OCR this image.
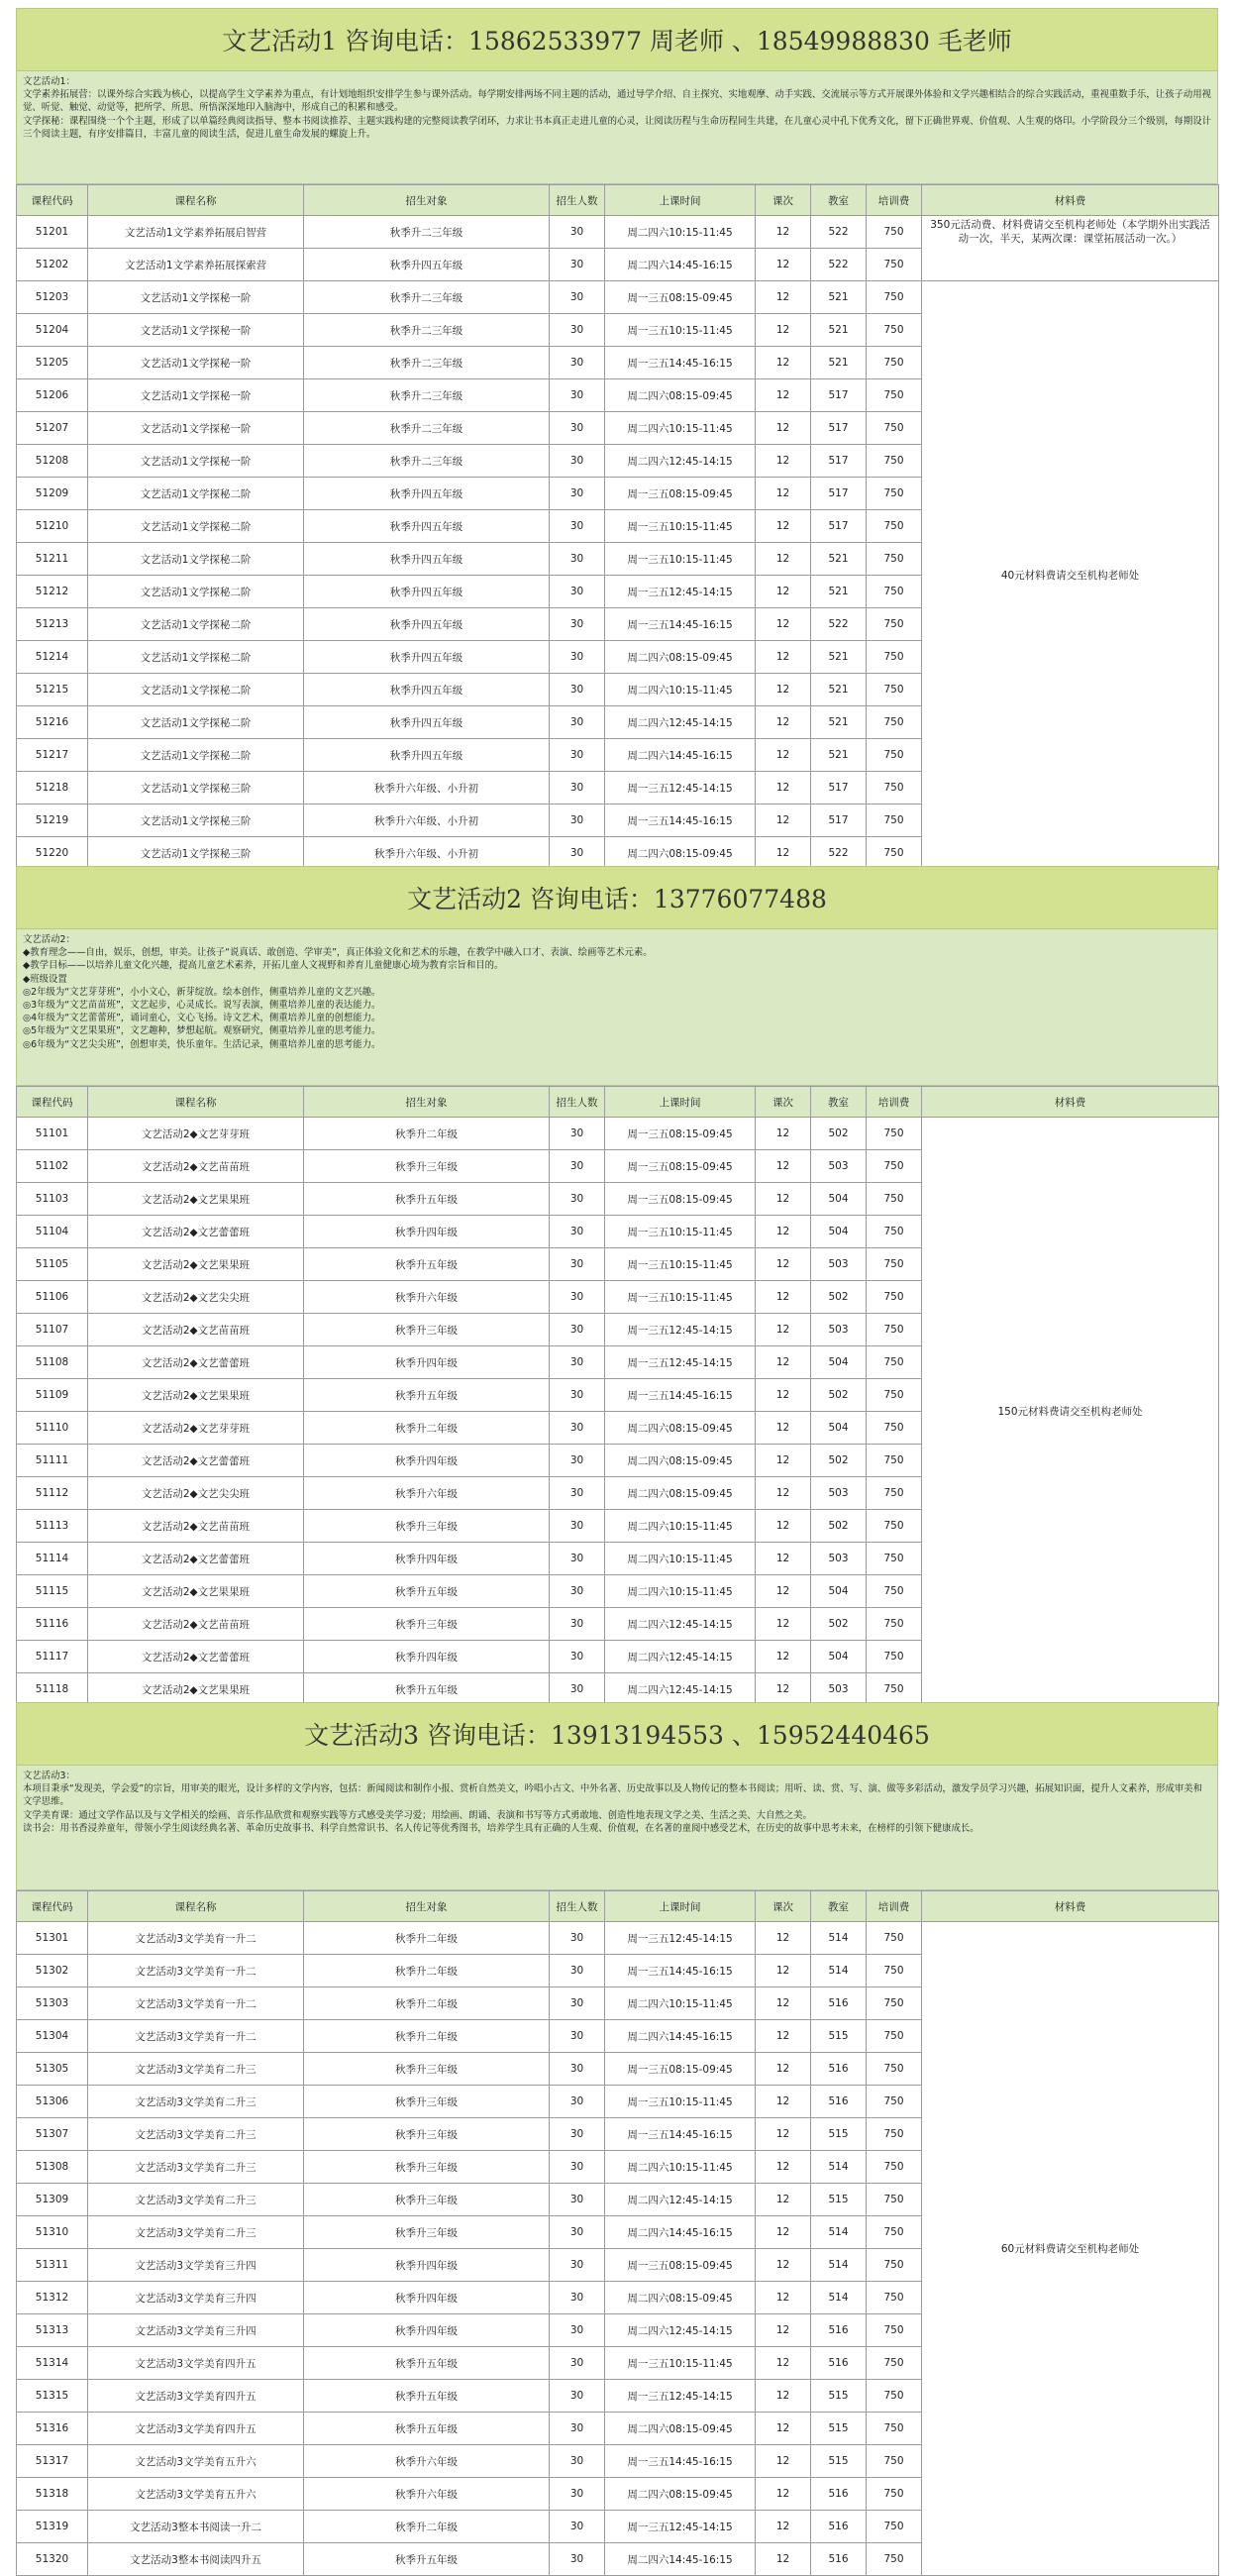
文艺活动1 咨询电话：15862533977 周老师 、18549988830 毛老师
文艺活动1：
文学素养拓展营：以课外综合实践为核心，以提高学生文学素养为重点，有计划地组织安排学生参与课外活动。每学期安排两场不同主题的活动，通过导学介绍、自主探究、实地观摩、动手实践、交流展示等方式开展课外体验和文学兴趣相结合的综合实践活动，重视重数手乐，让孩子动用视觉、听觉、触觉、动觉等，把所学、所思、所悟深深地印入脑海中，形成自己的积累和感受。
文学探秘：课程围绕一个个主题，形成了以单篇经典阅读指导、整本书阅读推荐、主题实践构建的完整阅读教学闭环，力求让书本真正走进儿童的心灵，让阅读历程与生命历程同生共建，在儿童心灵中孔下优秀文化，留下正确世界观、价值观、人生观的烙印。小学阶段分三个级别，每期设计三个阅读主题，有序安排篇目，丰富儿童的阅读生活，促进儿童生命发展的螺旋上升。
课程代码	课程名称	招生对象	招生人数	上课时间	课次	教室	培训费	材料费
51201	文艺活动1文学素养拓展启智营	秋季升二三年级	30	周二四六10:15-11:45	12	522	750	350元活动费、材料费请交至机构老师处（本学期外出实践活动一次，半天，某两次课：课堂拓展活动一次。）
51202	文艺活动1文学素养拓展探索营	秋季升四五年级	30	周二四六14:45-16:15	12	522	750	
51203	文艺活动1文学探秘一阶	秋季升二三年级	30	周一三五08:15-09:45	12	521	750	40元材料费请交至机构老师处
51204	文艺活动1文学探秘一阶	秋季升二三年级	30	周一三五10:15-11:45	12	521	750	
51205	文艺活动1文学探秘一阶	秋季升二三年级	30	周一三五14:45-16:15	12	521	750	
51206	文艺活动1文学探秘一阶	秋季升二三年级	30	周二四六08:15-09:45	12	517	750	
51207	文艺活动1文学探秘一阶	秋季升二三年级	30	周二四六10:15-11:45	12	517	750	
51208	文艺活动1文学探秘一阶	秋季升二三年级	30	周二四六12:45-14:15	12	517	750	
51209	文艺活动1文学探秘二阶	秋季升四五年级	30	周一三五08:15-09:45	12	517	750	
51210	文艺活动1文学探秘二阶	秋季升四五年级	30	周一三五10:15-11:45	12	517	750	
51211	文艺活动1文学探秘二阶	秋季升四五年级	30	周一三五10:15-11:45	12	521	750	
51212	文艺活动1文学探秘二阶	秋季升四五年级	30	周一三五12:45-14:15	12	521	750	
51213	文艺活动1文学探秘二阶	秋季升四五年级	30	周一三五14:45-16:15	12	522	750	
51214	文艺活动1文学探秘二阶	秋季升四五年级	30	周二四六08:15-09:45	12	521	750	
51215	文艺活动1文学探秘二阶	秋季升四五年级	30	周二四六10:15-11:45	12	521	750	
51216	文艺活动1文学探秘二阶	秋季升四五年级	30	周二四六12:45-14:15	12	521	750	
51217	文艺活动1文学探秘二阶	秋季升四五年级	30	周二四六14:45-16:15	12	521	750	
51218	文艺活动1文学探秘三阶	秋季升六年级、小升初	30	周一三五12:45-14:15	12	517	750	
51219	文艺活动1文学探秘三阶	秋季升六年级、小升初	30	周一三五14:45-16:15	12	517	750	
51220	文艺活动1文学探秘三阶	秋季升六年级、小升初	30	周二四六08:15-09:45	12	522	750	
文艺活动2 咨询电话：13776077488
文艺活动2：
◆教育理念——自由，娱乐，创想，审美。让孩子“说真话、敢创造、学审美”，真正体验文化和艺术的乐趣，在教学中融入口才、表演、绘画等艺术元素。
◆教学目标——以培养儿童文化兴趣，提高儿童艺术素养，开拓儿童人文视野和养育儿童健康心境为教育宗旨和目的。
◆班级设置
◎2年级为“文艺芽芽班”，小小文心，新芽绽放。绘本创作，侧重培养儿童的文艺兴趣。
◎3年级为“文艺苗苗班”，文艺起步，心灵成长。说写表演，侧重培养儿童的表达能力。
◎4年级为“文艺蕾蕾班”，诵词童心，文心飞扬。诗文艺术，侧重培养儿童的创想能力。
◎5年级为“文艺果果班”，文艺趣种，梦想起航。观察研究，侧重培养儿童的思考能力。
◎6年级为“文艺尖尖班”，创想审美，快乐童年。生活记录，侧重培养儿童的思考能力。
课程代码	课程名称	招生对象	招生人数	上课时间	课次	教室	培训费	材料费
51101	文艺活动2◆文艺芽芽班	秋季升二年级	30	周一三五08:15-09:45	12	502	750	150元材料费请交至机构老师处
51102	文艺活动2◆文艺苗苗班	秋季升三年级	30	周一三五08:15-09:45	12	503	750	
51103	文艺活动2◆文艺果果班	秋季升五年级	30	周一三五08:15-09:45	12	504	750	
51104	文艺活动2◆文艺蕾蕾班	秋季升四年级	30	周一三五10:15-11:45	12	504	750	
51105	文艺活动2◆文艺果果班	秋季升五年级	30	周一三五10:15-11:45	12	503	750	
51106	文艺活动2◆文艺尖尖班	秋季升六年级	30	周一三五10:15-11:45	12	502	750	
51107	文艺活动2◆文艺苗苗班	秋季升三年级	30	周一三五12:45-14:15	12	503	750	
51108	文艺活动2◆文艺蕾蕾班	秋季升四年级	30	周一三五12:45-14:15	12	504	750	
51109	文艺活动2◆文艺果果班	秋季升五年级	30	周一三五14:45-16:15	12	502	750	
51110	文艺活动2◆文艺芽芽班	秋季升二年级	30	周二四六08:15-09:45	12	504	750	
51111	文艺活动2◆文艺蕾蕾班	秋季升四年级	30	周二四六08:15-09:45	12	502	750	
51112	文艺活动2◆文艺尖尖班	秋季升六年级	30	周二四六08:15-09:45	12	503	750	
51113	文艺活动2◆文艺苗苗班	秋季升三年级	30	周二四六10:15-11:45	12	502	750	
51114	文艺活动2◆文艺蕾蕾班	秋季升四年级	30	周二四六10:15-11:45	12	503	750	
51115	文艺活动2◆文艺果果班	秋季升五年级	30	周二四六10:15-11:45	12	504	750	
51116	文艺活动2◆文艺苗苗班	秋季升三年级	30	周二四六12:45-14:15	12	502	750	
51117	文艺活动2◆文艺蕾蕾班	秋季升四年级	30	周二四六12:45-14:15	12	504	750	
51118	文艺活动2◆文艺果果班	秋季升五年级	30	周二四六12:45-14:15	12	503	750	
文艺活动3 咨询电话：13913194553 、15952440465
文艺活动3：
本项目秉承“发现美，学会爱”的宗旨，用审美的眼光，设计多样的文学内容，包括：新闻阅读和制作小报、赏析自然美文，吟唱小古文、中外名著、历史故事以及人物传记的整本书阅读；用听、读、赏、写、演、做等多彩活动，激发学员学习兴趣，拓展知识面，提升人文素养，形成审美和文学思维。
文学美育课：通过文学作品以及与文学相关的绘画、音乐作品欣赏和观察实践等方式感受美学习爱；用绘画、朗诵、表演和书写等方式勇敢地、创造性地表现文学之美、生活之美、大自然之美。
读书会：用书香浸养童年，带领小学生阅读经典名著、革命历史故事书、科学自然常识书、名人传记等优秀图书，培养学生具有正确的人生观、价值观，在名著的童阅中感受艺术，在历史的故事中思考未来，在榜样的引领下健康成长。
课程代码	课程名称	招生对象	招生人数	上课时间	课次	教室	培训费	材料费
51301	文艺活动3文学美育一升二	秋季升二年级	30	周一三五12:45-14:15	12	514	750	60元材料费请交至机构老师处
51302	文艺活动3文学美育一升二	秋季升二年级	30	周一三五14:45-16:15	12	514	750	
51303	文艺活动3文学美育一升二	秋季升二年级	30	周二四六10:15-11:45	12	516	750	
51304	文艺活动3文学美育一升二	秋季升二年级	30	周二四六14:45-16:15	12	515	750	
51305	文艺活动3文学美育二升三	秋季升三年级	30	周一三五08:15-09:45	12	516	750	
51306	文艺活动3文学美育二升三	秋季升三年级	30	周一三五10:15-11:45	12	516	750	
51307	文艺活动3文学美育二升三	秋季升三年级	30	周一三五14:45-16:15	12	515	750	
51308	文艺活动3文学美育二升三	秋季升三年级	30	周二四六10:15-11:45	12	514	750	
51309	文艺活动3文学美育二升三	秋季升三年级	30	周二四六12:45-14:15	12	515	750	
51310	文艺活动3文学美育二升三	秋季升三年级	30	周二四六14:45-16:15	12	514	750	
51311	文艺活动3文学美育三升四	秋季升四年级	30	周一三五08:15-09:45	12	514	750	
51312	文艺活动3文学美育三升四	秋季升四年级	30	周二四六08:15-09:45	12	514	750	
51313	文艺活动3文学美育三升四	秋季升四年级	30	周二四六12:45-14:15	12	516	750	
51314	文艺活动3文学美育四升五	秋季升五年级	30	周一三五10:15-11:45	12	516	750	
51315	文艺活动3文学美育四升五	秋季升五年级	30	周一三五12:45-14:15	12	515	750	
51316	文艺活动3文学美育四升五	秋季升五年级	30	周二四六08:15-09:45	12	515	750	
51317	文艺活动3文学美育五升六	秋季升六年级	30	周一三五14:45-16:15	12	515	750	
51318	文艺活动3文学美育五升六	秋季升六年级	30	周二四六08:15-09:45	12	516	750	
51319	文艺活动3整本书阅读一升二	秋季升二年级	30	周一三五12:45-14:15	12	516	750	
51320	文艺活动3整本书阅读四升五	秋季升五年级	30	周二四六14:45-16:15	12	516	750	
